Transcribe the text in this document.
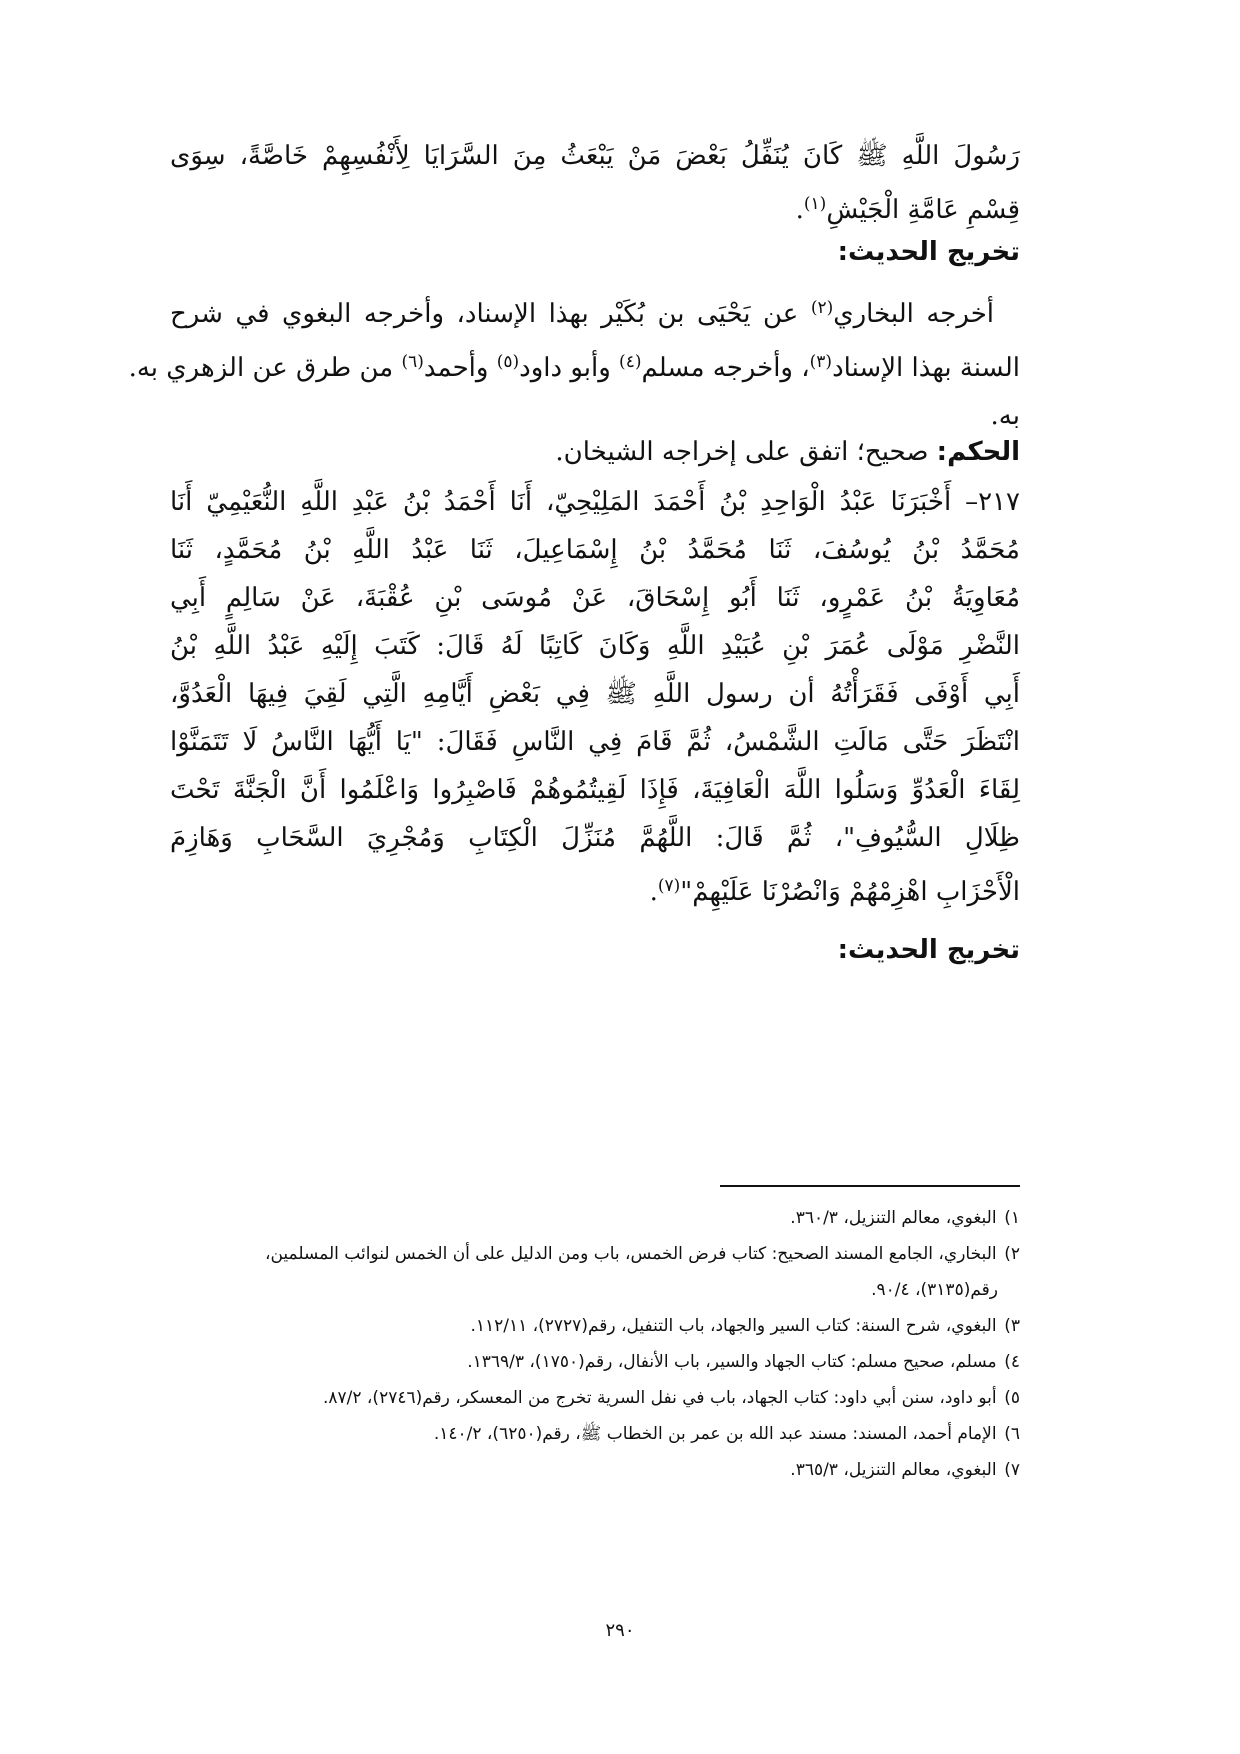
رَسُولَ اللَّهِ ﷺ كَانَ يُنَفِّلُ بَعْضَ مَنْ يَبْعَثُ مِنَ السَّرَايَا لِأَنْفُسِهِمْ خَاصَّةً، سِوَى
قِسْمِ عَامَّةِ الْجَيْشِ$^{(١)}$.
تخريج الحديث:
أخرجه البخاري$^{(٢)}$ عن يَحْيَى بن بُكَيْر بهذا الإسناد، وأخرجه البغوي في شرح
السنة بهذا الإسناد$^{(٣)}$، وأخرجه مسلم$^{(٤)}$ وأبو داود$^{(٥)}$ وأحمد$^{(٦)}$ من طرق عن الزهري به.
به.
الحكم: صحيح؛ اتفق على إخراجه الشيخان.
٢١٧– أَخْبَرَنَا عَبْدُ الْوَاحِدِ بْنُ أَحْمَدَ المَلِيْحِيّ، أَنَا أَحْمَدُ بْنُ عَبْدِ اللَّهِ النُّعَيْمِيّ أَنَا
مُحَمَّدُ بْنُ يُوسُفَ، ثَنَا مُحَمَّدُ بْنُ إِسْمَاعِيلَ، ثَنَا عَبْدُ اللَّهِ بْنُ مُحَمَّدٍ، ثَنَا
مُعَاوِيَةُ بْنُ عَمْرٍو، ثَنَا أَبُو إِسْحَاقَ، عَنْ مُوسَى بْنِ عُقْبَةَ، عَنْ سَالِمٍ أَبِي
النَّضْرِ مَوْلَى عُمَرَ بْنِ عُبَيْدِ اللَّهِ وَكَانَ كَاتِبًا لَهُ قَالَ: كَتَبَ إِلَيْهِ عَبْدُ اللَّهِ بْنُ
أَبِي أَوْفَى فَقَرَأْتُهُ أن رسول اللَّهِ ﷺ فِي بَعْضِ أَيَّامِهِ الَّتِي لَقِيَ فِيهَا الْعَدُوَّ،
انْتَظَرَ حَتَّى مَالَتِ الشَّمْسُ، ثُمَّ قَامَ فِي النَّاسِ فَقَالَ: "يَا أَيُّهَا النَّاسُ لَا تَتَمَنَّوْا
لِقَاءَ الْعَدُوِّ وَسَلُوا اللَّهَ الْعَافِيَةَ، فَإِذَا لَقِيتُمُوهُمْ فَاصْبِرُوا وَاعْلَمُوا أَنَّ الْجَنَّةَ تَحْتَ
ظِلَالِ السُّيُوفِ"، ثُمَّ قَالَ: اللَّهُمَّ مُنَزِّلَ الْكِتَابِ وَمُجْرِيَ السَّحَابِ وَهَازِمَ
الْأَحْزَابِ اهْزِمْهُمْ وَانْصُرْنَا عَلَيْهِمْ"$^{(٧)}$.
تخريج الحديث:
١) البغوي، معالم التنزيل، ٣٦٠/٣.
٢) البخاري، الجامع المسند الصحيح: كتاب فرض الخمس، باب ومن الدليل على أن الخمس لنوائب المسلمين،
رقم(٣١٣٥)، ٩٠/٤.
٣) البغوي، شرح السنة: كتاب السير والجهاد، باب التنفيل، رقم(٢٧٢٧)، ١١٢/١١.
٤) مسلم، صحيح مسلم: كتاب الجهاد والسير، باب الأنفال، رقم(١٧٥٠)، ١٣٦٩/٣.
٥) أبو داود، سنن أبي داود: كتاب الجهاد، باب في نفل السرية تخرج من المعسكر، رقم(٢٧٤٦)، ٨٧/٢.
٦) الإمام أحمد، المسند: مسند عبد الله بن عمر بن الخطاب ﷺ، رقم(٦٢٥٠)، ١٤٠/٢.
٧) البغوي، معالم التنزيل، ٣٦٥/٣.
٢٩٠
